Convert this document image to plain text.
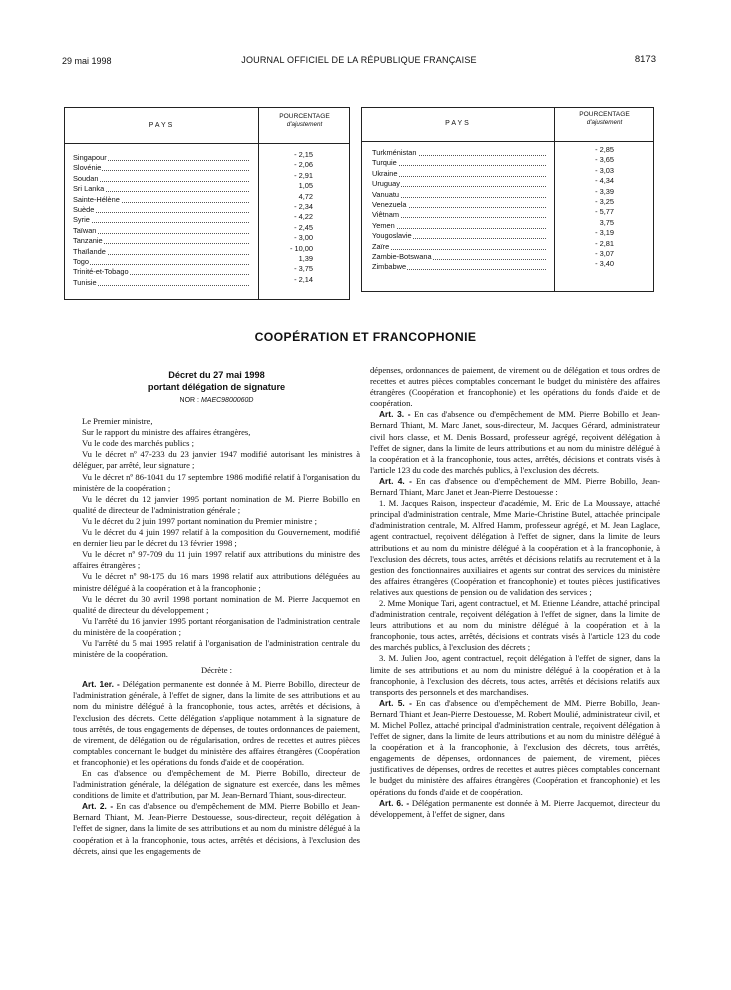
29 mai 1998	JOURNAL OFFICIEL DE LA RÉPUBLIQUE FRANÇAISE	8173
PAYS
POURCENTAGE
d'ajustement
Singapour
Slovénie
Soudan
Sri Lanka
Sainte-Hélène
Suède
Syrie
Taïwan
Tanzanie
Thaïlande
Togo
Trinité-et-Tobago
Tunisie
- 2,15
- 2,06
- 2,91
1,05
4,72
- 2,34
- 4,22
- 2,45
- 3,00
- 10,00
1,39
- 3,75
- 2,14
PAYS
POURCENTAGE
d'ajustement
Turkménistan
Turquie
Ukraine
Uruguay
Vanuatu
Venezuela
Viêtnam
Yemen
Yougoslavie
Zaïre
Zambie-Botswana
Zimbabwe
- 2,85
- 3,65
- 3,03
- 4,34
- 3,39
- 3,25
- 5,77
3,75
- 3,19
- 2,81
- 3,07
- 3,40
COOPÉRATION ET FRANCOPHONIE
Décret du 27 mai 1998
portant délégation de signature
NOR : MAEC9800060D

Le Premier ministre,

Sur le rapport du ministre des affaires étrangères,

Vu le code des marchés publics ;

Vu le décret nº 47-233 du 23 janvier 1947 modifié autorisant les ministres à déléguer, par arrêté, leur signature ;

Vu le décret nº 86-1041 du 17 septembre 1986 modifié relatif à l'organisation du ministère de la coopération ;

Vu le décret du 12 janvier 1995 portant nomination de M. Pierre Bobillo en qualité de directeur de l'administration générale ;

Vu le décret du 2 juin 1997 portant nomination du Premier ministre ;

Vu le décret du 4 juin 1997 relatif à la composition du Gouvernement, modifié en dernier lieu par le décret du 13 février 1998 ;

Vu le décret nº 97-709 du 11 juin 1997 relatif aux attributions du ministre des affaires étrangères ;

Vu le décret nº 98-175 du 16 mars 1998 relatif aux attributions déléguées au ministre délégué à la coopération et à la francophonie ;

Vu le décret du 30 avril 1998 portant nomination de M. Pierre Jacquemot en qualité de directeur du développement ;

Vu l'arrêté du 16 janvier 1995 portant réorganisation de l'administration centrale du ministère de la coopération ;

Vu l'arrêté du 5 mai 1995 relatif à l'organisation de l'administration centrale du ministère de la coopération.

Décrète :

Art. 1er. - Délégation permanente est donnée à M. Pierre Bobillo, directeur de l'administration générale, à l'effet de signer, dans la limite de ses attributions et au nom du ministre délégué à la francophonie, tous actes, arrêtés et décisions, à l'exclusion des décrets. Cette délégation s'applique notamment à la signature de tous arrêtés, de tous engagements de dépenses, de toutes ordonnances de paiement, de virement, de délégation ou de régularisation, ordres de recettes et autres pièces comptables concernant le budget du ministère des affaires étrangères (Coopération et francophonie) et les opérations du fonds d'aide et de coopération.

En cas d'absence ou d'empêchement de M. Pierre Bobillo, directeur de l'administration générale, la délégation de signature est exercée, dans les mêmes conditions de limite et d'attribution, par M. Jean-Bernard Thiant, sous-directeur.

Art. 2. - En cas d'absence ou d'empêchement de MM. Pierre Bobillo et Jean-Bernard Thiant, M. Jean-Pierre Destouesse, sous-directeur, reçoit délégation à l'effet de signer, dans la limite de ses attributions et au nom du ministre délégué à la coopération et à la francophonie, tous actes, arrêtés et décisions, à l'exclusion des décrets, ainsi que les engagements de

dépenses, ordonnances de paiement, de virement ou de délégation et tous ordres de recettes et autres pièces comptables concernant le budget du ministère des affaires étrangères (Coopération et francophonie) et les opérations du fonds d'aide et de coopération.

Art. 3. - En cas d'absence ou d'empêchement de MM. Pierre Bobillo et Jean-Bernard Thiant, M. Marc Janet, sous-directeur, M. Jacques Gérard, administrateur civil hors classe, et M. Denis Bossard, professeur agrégé, reçoivent délégation à l'effet de signer, dans la limite de leurs attributions et au nom du ministre délégué à la coopération et à la francophonie, tous actes, arrêtés, décisions et contrats visés à l'article 123 du code des marchés publics, à l'exclusion des décrets.

Art. 4. - En cas d'absence ou d'empêchement de MM. Pierre Bobillo, Jean-Bernard Thiant, Marc Janet et Jean-Pierre Destouesse :

1. M. Jacques Raison, inspecteur d'académie, M. Eric de La Moussaye, attaché principal d'administration centrale, Mme Marie-Christine Butel, attachée principale d'administration centrale, M. Alfred Hamm, professeur agrégé, et M. Jean Laglace, agent contractuel, reçoivent délégation à l'effet de signer, dans la limite de leurs attributions et au nom du ministre délégué à la coopération et à la francophonie, à l'exclusion des décrets, tous actes, arrêtés et décisions relatifs au recrutement et à la gestion des fonctionnaires auxiliaires et agents sur contrat des services du ministère des affaires étrangères (Coopération et francophonie) et toutes pièces justificatives relatives aux questions de pension ou de validation des services ;

2. Mme Monique Tari, agent contractuel, et M. Etienne Léandre, attaché principal d'administration centrale, reçoivent délégation à l'effet de signer, dans la limite de leurs attributions et au nom du ministre délégué à la coopération et à la francophonie, tous actes, arrêtés, décisions et contrats visés à l'article 123 du code des marchés publics, à l'exclusion des décrets ;

3. M. Julien Joo, agent contractuel, reçoit délégation à l'effet de signer, dans la limite de ses attributions et au nom du ministre délégué à la coopération et à la francophonie, à l'exclusion des décrets, tous actes, arrêtés et décisions relatifs aux transports des personnels et des marchandises.

Art. 5. - En cas d'absence ou d'empêchement de MM. Pierre Bobillo, Jean-Bernard Thiant et Jean-Pierre Destouesse, M. Robert Moulié, administrateur civil, et M. Michel Pollez, attaché principal d'administration centrale, reçoivent délégation à l'effet de signer, dans la limite de leurs attributions et au nom du ministre délégué à la coopération et à la francophonie, à l'exclusion des décrets, tous arrêtés, engagements de dépenses, ordonnances de paiement, de virement, pièces justificatives de dépenses, ordres de recettes et autres pièces comptables concernant le budget du ministère des affaires étrangères (Coopération et francophonie) et les opérations du fonds d'aide et de coopération.

Art. 6. - Délégation permanente est donnée à M. Pierre Jacquemot, directeur du développement, à l'effet de signer, dans
